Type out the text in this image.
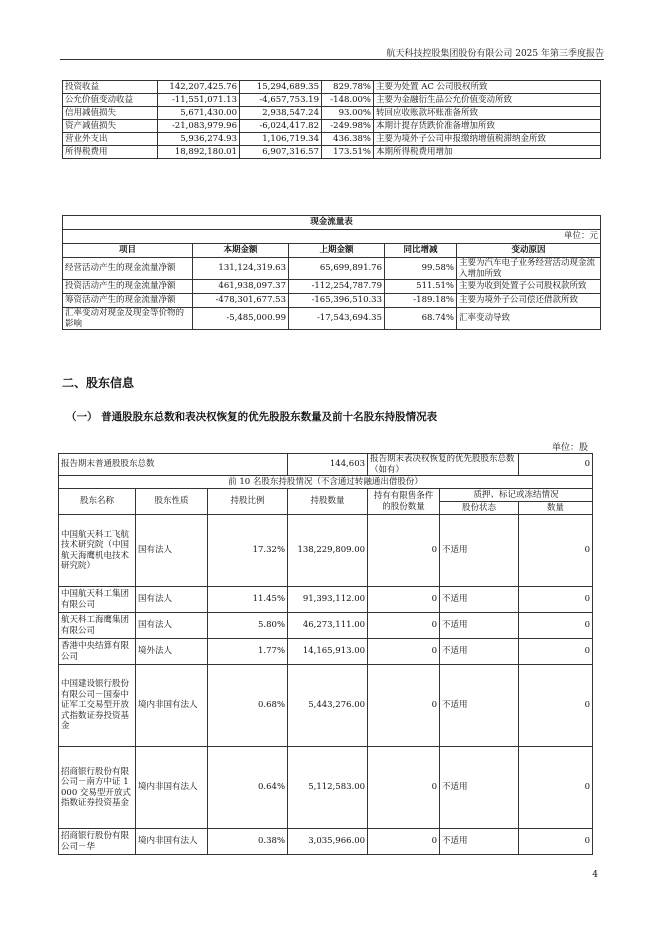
航天科技控股集团股份有限公司 2025 年第三季度报告
投资收益	142,207,425.76	15,294,689.35	829.78%	主要为处置 AC 公司股权所致
公允价值变动收益	-11,551,071.13	-4,657,753.19	-148.00%	主要为金融衍生品公允价值变动所致
信用减值损失	5,671,430.00	2,938,547.24	93.00%	转回应收账款坏账准备所致
资产减值损失	-21,083,979.96	-6,024,417.82	-249.98%	本期计提存货跌价准备增加所致
营业外支出	5,936,274.93	1,106,719.34	436.38%	主要为境外子公司申报缴纳增值税滞纳金所致
所得税费用	18,892,180.01	6,907,316.57	173.51%	本期所得税费用增加
现金流量表				
单位：元				
项目	本期金额	上期金额	同比增减	变动原因
经营活动产生的现金流量净额	131,124,319.63	65,699,891.76	99.58%	主要为汽车电子业务经营活动现金流入增加所致
投资活动产生的现金流量净额	461,938,097.37	-112,254,787.79	511.51%	主要为收到处置子公司股权款所致
筹资活动产生的现金流量净额	-478,301,677.53	-165,396,510.33	-189.18%	主要为境外子公司偿还借款所致
汇率变动对现金及现金等价物的影响	-5,485,000.99	-17,543,694.35	68.74%	汇率变动导致
二、股东信息
（一） 普通股股东总数和表决权恢复的优先股股东数量及前十名股东持股情况表
单位：股
报告期末普通股股东总数			144,603	报告期末表决权恢复的优先股股东总数（如有）		0
前 10 名股东持股情况（不含通过转融通出借股份）						
股东名称	股东性质	持股比例	持股数量	持有有限售条件的股份数量	质押、标记或冻结情况	
					股份状态	数量
中国航天科工飞航技术研究院（中国航天海鹰机电技术研究院）	国有法人	17.32%	138,229,809.00	0	不适用	0
中国航天科工集团有限公司	国有法人	11.45%	91,393,112.00	0	不适用	0
航天科工海鹰集团有限公司	国有法人	5.80%	46,273,111.00	0	不适用	0
香港中央结算有限公司	境外法人	1.77%	14,165,913.00	0	不适用	0
中国建设银行股份有限公司－国泰中证军工交易型开放式指数证券投资基金	境内非国有法人	0.68%	5,443,276.00	0	不适用	0
招商银行股份有限公司－南方中证 1000 交易型开放式指数证券投资基金	境内非国有法人	0.64%	5,112,583.00	0	不适用	0
招商银行股份有限公司－华	境内非国有法人	0.38%	3,035,966.00	0	不适用	0
4
